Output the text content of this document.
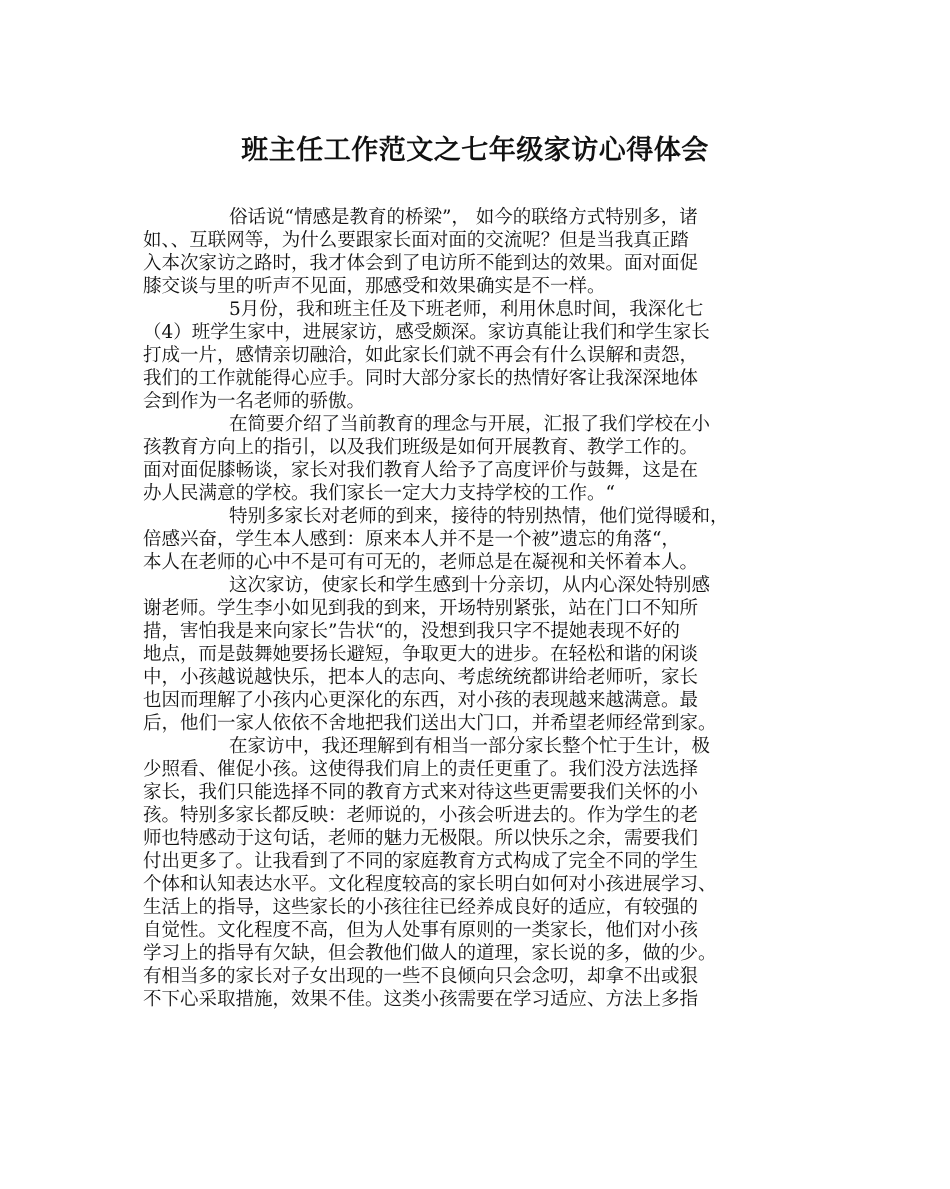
班主任工作范文之七年级家访心得体会
俗话说“情感是教育的桥梁”， 如今的联络方式特别多，诸
如、、互联网等，为什么要跟家长面对面的交流呢？但是当我真正踏
入本次家访之路时，我才体会到了电访所不能到达的效果。面对面促
膝交谈与里的听声不见面，那感受和效果确实是不一样。
5月份，我和班主任及下班老师，利用休息时间，我深化七
（4）班学生家中，进展家访，感受颇深。家访真能让我们和学生家长
打成一片，感情亲切融洽，如此家长们就不再会有什么误解和责怨，
我们的工作就能得心应手。同时大部分家长的热情好客让我深深地体
会到作为一名老师的骄傲。
在简要介绍了当前教育的理念与开展，汇报了我们学校在小
孩教育方向上的指引，以及我们班级是如何开展教育、教学工作的。
面对面促膝畅谈，家长对我们教育人给予了高度评价与鼓舞，这是在
办人民满意的学校。我们家长一定大力支持学校的工作。“
特别多家长对老师的到来，接待的特别热情，他们觉得暖和，
倍感兴奋，学生本人感到：原来本人并不是一个被”遗忘的角落“，
本人在老师的心中不是可有可无的，老师总是在凝视和关怀着本人。
这次家访，使家长和学生感到十分亲切，从内心深处特别感
谢老师。学生李小如见到我的到来，开场特别紧张，站在门口不知所
措，害怕我是来向家长”告状“的，没想到我只字不提她表现不好的
地点，而是鼓舞她要扬长避短，争取更大的进步。在轻松和谐的闲谈
中，小孩越说越快乐，把本人的志向、考虑统统都讲给老师听，家长
也因而理解了小孩内心更深化的东西，对小孩的表现越来越满意。最
后，他们一家人依依不舍地把我们送出大门口，并希望老师经常到家。
在家访中，我还理解到有相当一部分家长整个忙于生计，极
少照看、催促小孩。这使得我们肩上的责任更重了。我们没方法选择
家长，我们只能选择不同的教育方式来对待这些更需要我们关怀的小
孩。特别多家长都反映：老师说的，小孩会听进去的。作为学生的老
师也特感动于这句话，老师的魅力无极限。所以快乐之余，需要我们
付出更多了。让我看到了不同的家庭教育方式构成了完全不同的学生
个体和认知表达水平。文化程度较高的家长明白如何对小孩进展学习、
生活上的指导，这些家长的小孩往往已经养成良好的适应，有较强的
自觉性。文化程度不高，但为人处事有原则的一类家长，他们对小孩
学习上的指导有欠缺，但会教他们做人的道理，家长说的多，做的少。
有相当多的家长对子女出现的一些不良倾向只会念叨，却拿不出或狠
不下心采取措施，效果不佳。这类小孩需要在学习适应、方法上多指
